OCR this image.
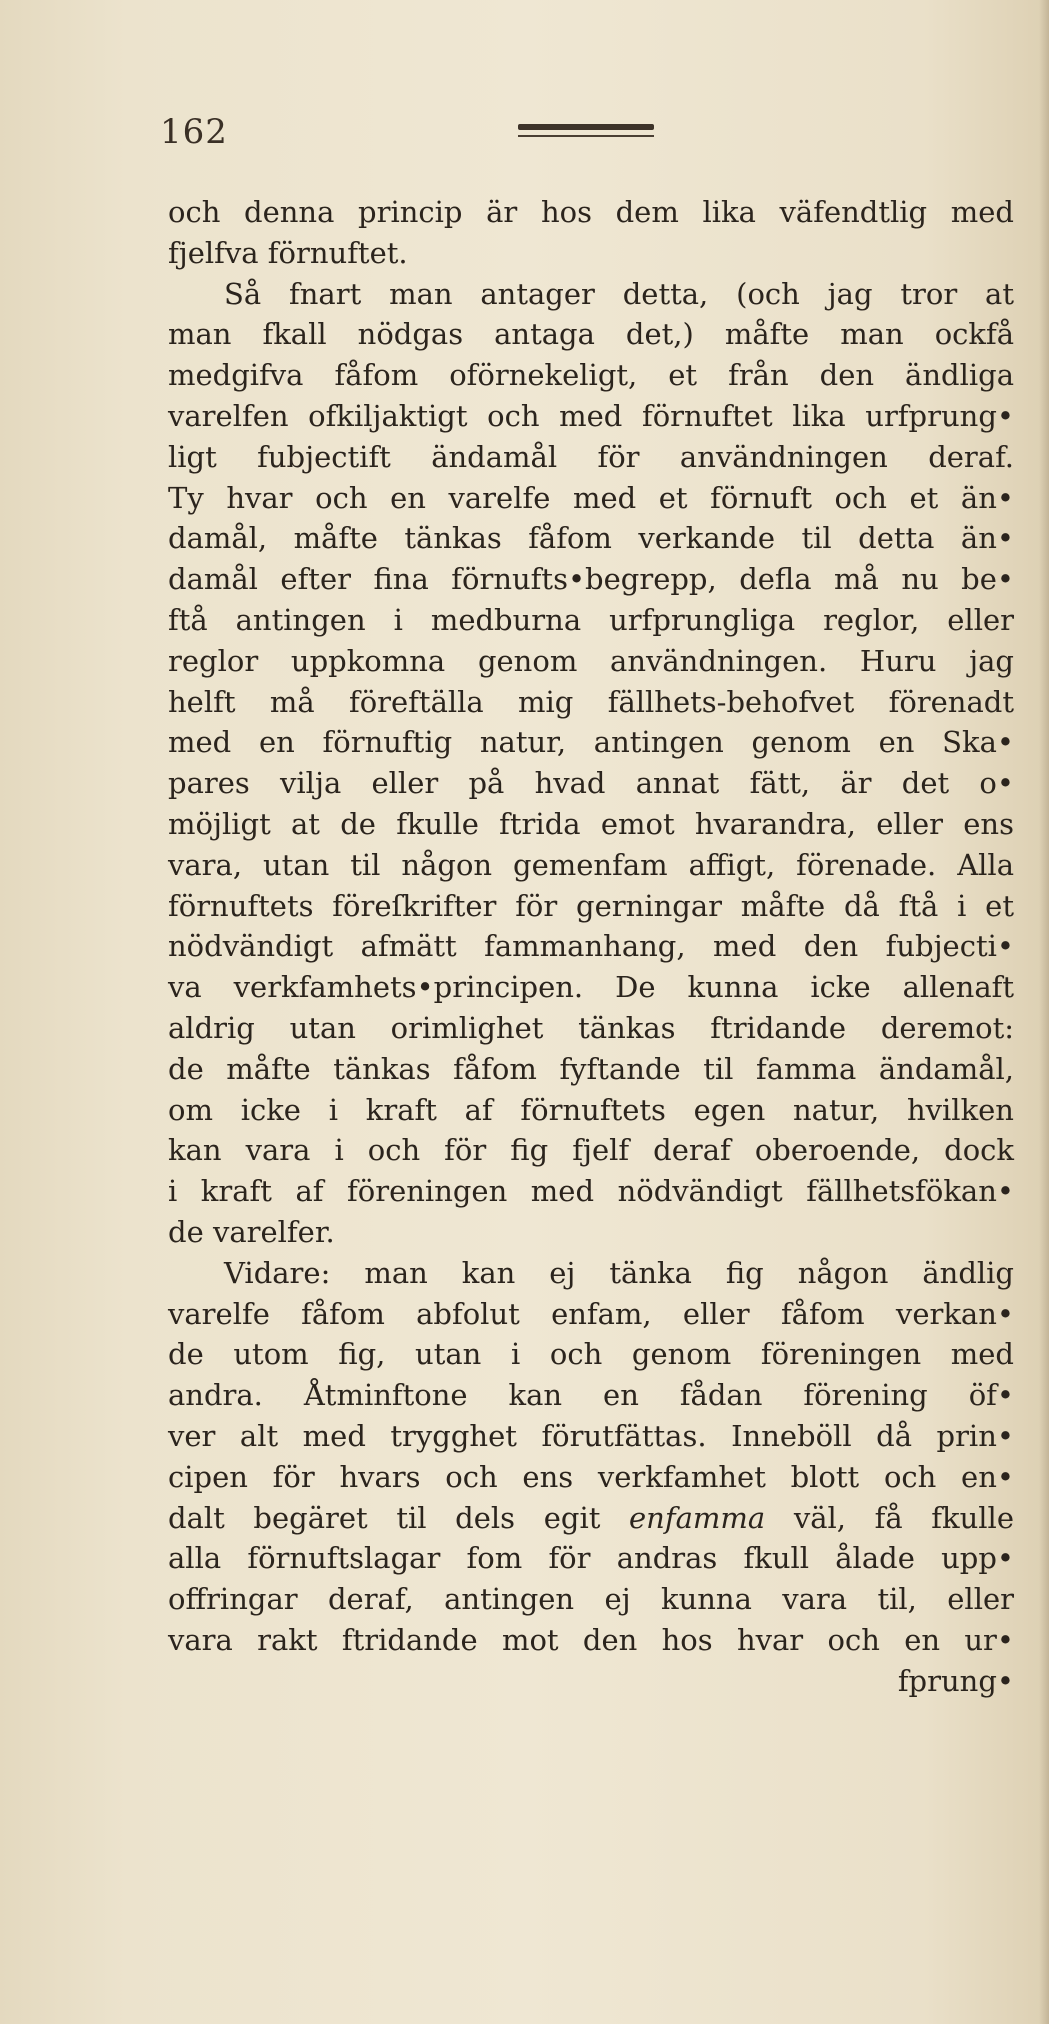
162
och denna princip är hos dem lika väfendtlig med
fjelfva förnuftet.
Så fnart man antager detta, (och jag tror at
man fkall nödgas antaga det,) måfte man ockfå
medgifva fåfom oförnekeligt, et från den ändliga
varelfen ofkiljaktigt och med förnuftet lika urfprung•
ligt fubjectift ändamål för användningen deraf.
Ty hvar och en varelfe med et förnuft och et än•
damål, måfte tänkas fåfom verkande til detta än•
damål efter fina förnufts•begrepp, defla må nu be•
ftå antingen i medburna urfprungliga reglor, eller
reglor uppkomna genom användningen. Huru jag
helft må föreftälla mig fällhets-behofvet förenadt
med en förnuftig natur, antingen genom en Ska•
pares vilja eller på hvad annat fätt, är det o•
möjligt at de fkulle ftrida emot hvarandra, eller ens
vara, utan til någon gemenfam affigt, förenade. Alla
förnuftets föreſkrifter för gerningar måfte då ftå i et
nödvändigt afmätt fammanhang, med den fubjecti•
va verkfamhets•principen. De kunna icke allenaft
aldrig utan orimlighet tänkas ftridande deremot:
de måfte tänkas fåfom fyftande til famma ändamål,
om icke i kraft af förnuftets egen natur, hvilken
kan vara i och för fig fjelf deraf oberoende, dock
i kraft af föreningen med nödvändigt fällhetsfökan•
de varelfer.
Vidare: man kan ej tänka fig någon ändlig
varelfe fåfom abfolut enfam, eller fåfom verkan•
de utom fig, utan i och genom föreningen med
andra. Åtminftone kan en fådan förening öf•
ver alt med trygghet förutfättas. Inneböll då prin•
cipen för hvars och ens verkfamhet blott och en•
dalt begäret til dels egit enfamma väl, få fkulle
alla förnuftslagar fom för andras fkull ålade upp•
offringar deraf, antingen ej kunna vara til, eller
vara rakt ftridande mot den hos hvar och en ur•
fprung•
